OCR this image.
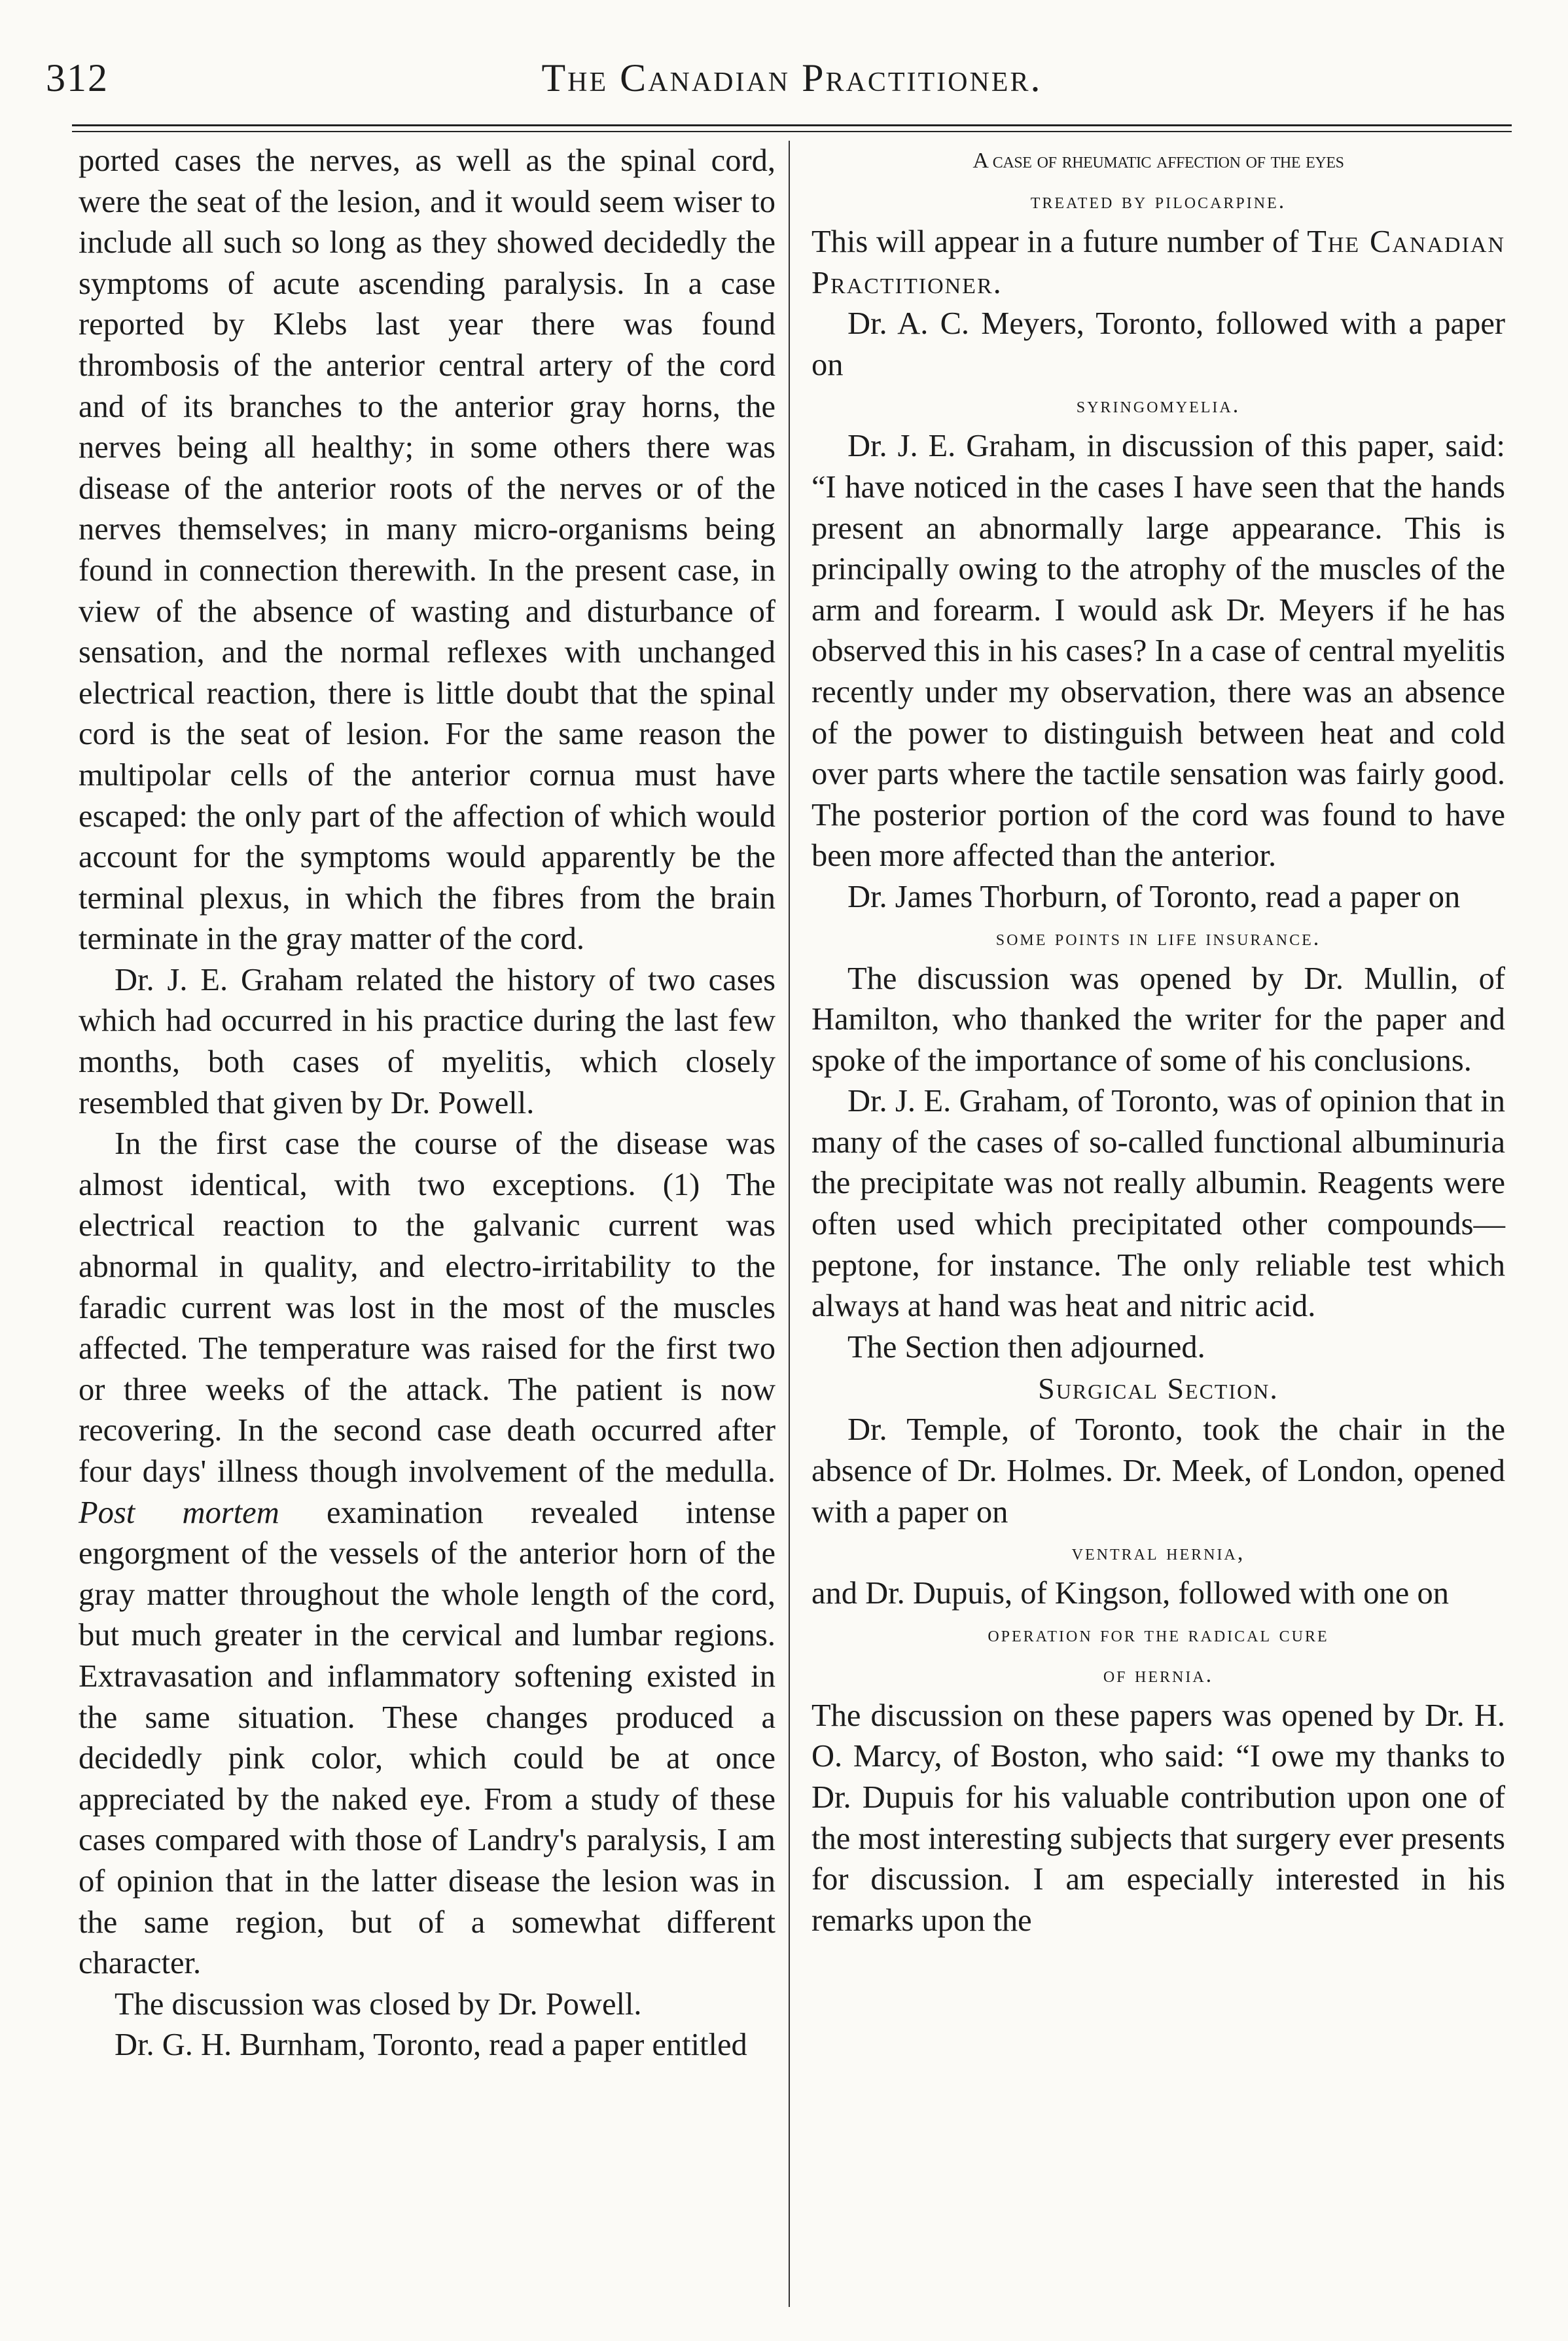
312	The Canadian Practitioner.

ported cases the nerves, as well as the spinal cord, were the seat of the lesion, and it would seem wiser to include all such so long as they showed decidedly the symptoms of acute ascending paralysis. In a case reported by Klebs last year there was found thrombosis of the anterior central artery of the cord and of its branches to the anterior gray horns, the nerves being all healthy; in some others there was disease of the anterior roots of the nerves or of the nerves themselves; in many micro-organisms being found in connection therewith. In the present case, in view of the absence of wasting and disturbance of sensation, and the normal reflexes with unchanged electrical reaction, there is little doubt that the spinal cord is the seat of lesion. For the same reason the multipolar cells of the anterior cornua must have escaped: the only part of the affection of which would account for the symptoms would apparently be the terminal plexus, in which the fibres from the brain terminate in the gray matter of the cord.

Dr. J. E. Graham related the history of two cases which had occurred in his practice during the last few months, both cases of myelitis, which closely resembled that given by Dr. Powell.

In the first case the course of the disease was almost identical, with two exceptions. (1) The electrical reaction to the galvanic current was abnormal in quality, and electro-irritability to the faradic current was lost in the most of the muscles affected. The temperature was raised for the first two or three weeks of the attack. The patient is now recovering. In the second case death occurred after four days' illness though involvement of the medulla. Post mortem examination revealed intense engorgment of the vessels of the anterior horn of the gray matter throughout the whole length of the cord, but much greater in the cervical and lumbar regions. Extravasation and inflammatory softening existed in the same situation. These changes produced a decidedly pink color, which could be at once appreciated by the naked eye. From a study of these cases compared with those of Landry's paralysis, I am of opinion that in the latter disease the lesion was in the same region, but of a somewhat different character.

The discussion was closed by Dr. Powell.

Dr. G. H. Burnham, Toronto, read a paper entitled

A case of rheumatic affection of the eyes

treated by pilocarpine.

This will appear in a future number of The Canadian Practitioner.

Dr. A. C. Meyers, Toronto, followed with a paper on

syringomyelia.

Dr. J. E. Graham, in discussion of this paper, said: “I have noticed in the cases I have seen that the hands present an abnormally large appearance. This is principally owing to the atrophy of the muscles of the arm and forearm. I would ask Dr. Meyers if he has observed this in his cases? In a case of central myelitis recently under my observation, there was an absence of the power to distinguish between heat and cold over parts where the tactile sensation was fairly good. The posterior portion of the cord was found to have been more affected than the anterior.

Dr. James Thorburn, of Toronto, read a paper on

some points in life insurance.

The discussion was opened by Dr. Mullin, of Hamilton, who thanked the writer for the paper and spoke of the importance of some of his conclusions.

Dr. J. E. Graham, of Toronto, was of opinion that in many of the cases of so-called functional albuminuria the precipitate was not really albumin. Reagents were often used which precipitated other compounds—peptone, for instance. The only reliable test which always at hand was heat and nitric acid.

The Section then adjourned.

Surgical Section.

Dr. Temple, of Toronto, took the chair in the absence of Dr. Holmes. Dr. Meek, of London, opened with a paper on

ventral hernia,

and Dr. Dupuis, of Kingson, followed with one on

operation for the radical cure

of hernia.

The discussion on these papers was opened by Dr. H. O. Marcy, of Boston, who said: “I owe my thanks to Dr. Dupuis for his valuable contribution upon one of the most interesting subjects that surgery ever presents for discussion. I am especially interested in his remarks upon the
